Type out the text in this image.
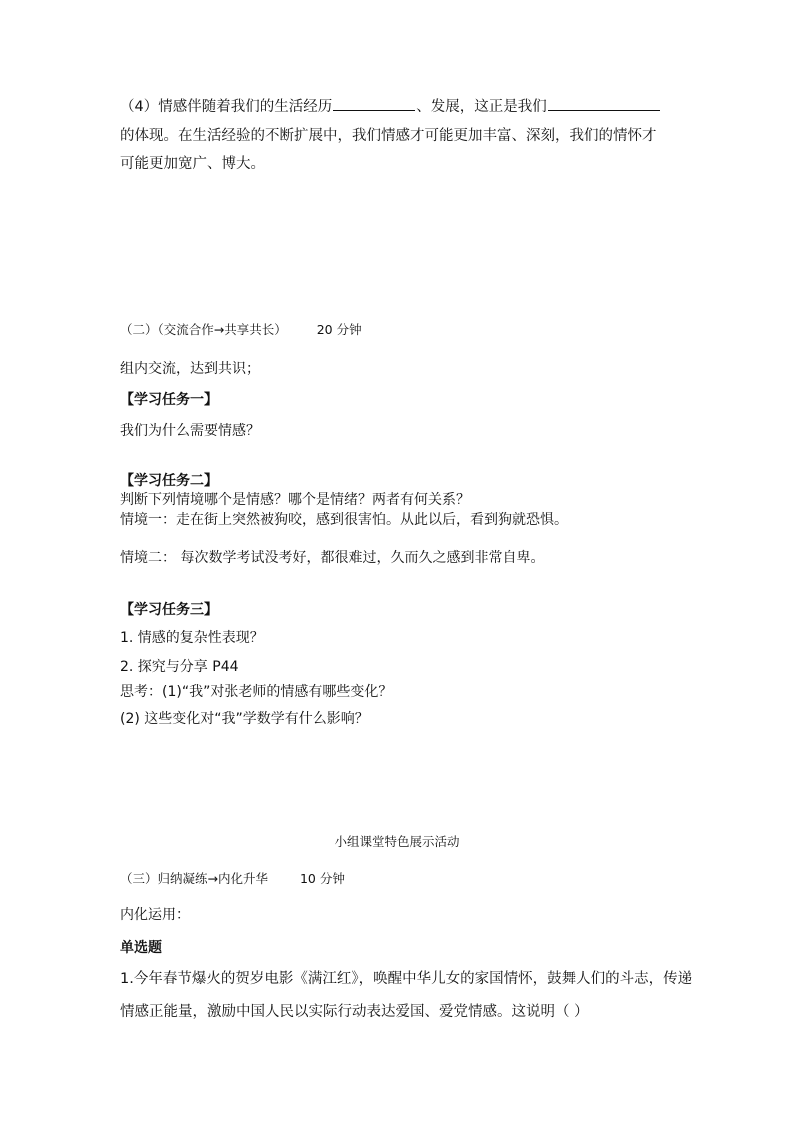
（4）情感伴随着我们的生活经历	、发展，这正是我们
的体现。在生活经验的不断扩展中，我们情感才可能更加丰富、深刻，我们的情怀才
可能更加宽广、博大。
（二）（交流合作→共享共长） 20 分钟
组内交流，达到共识；
【学习任务一】
我们为什么需要情感？
【学习任务二】
判断下列情境哪个是情感？哪个是情绪？两者有何关系？
情境一：走在街上突然被狗咬，感到很害怕。从此以后，看到狗就恐惧。
情境二： 每次数学考试没考好，都很难过，久而久之感到非常自卑。
【学习任务三】
1. 情感的复杂性表现？
2. 探究与分享 P44
思考：(1)“我”对张老师的情感有哪些变化？
(2) 这些变化对“我”学数学有什么影响？
小组课堂特色展示活动
（三）归纳凝练→内化升华	10 分钟
内化运用：
单选题
1.今年春节爆火的贺岁电影《满江红》，唤醒中华儿女的家国情怀，鼓舞人们的斗志，传递
情感正能量，激励中国人民以实际行动表达爱国、爱党情感。这说明（ ）
